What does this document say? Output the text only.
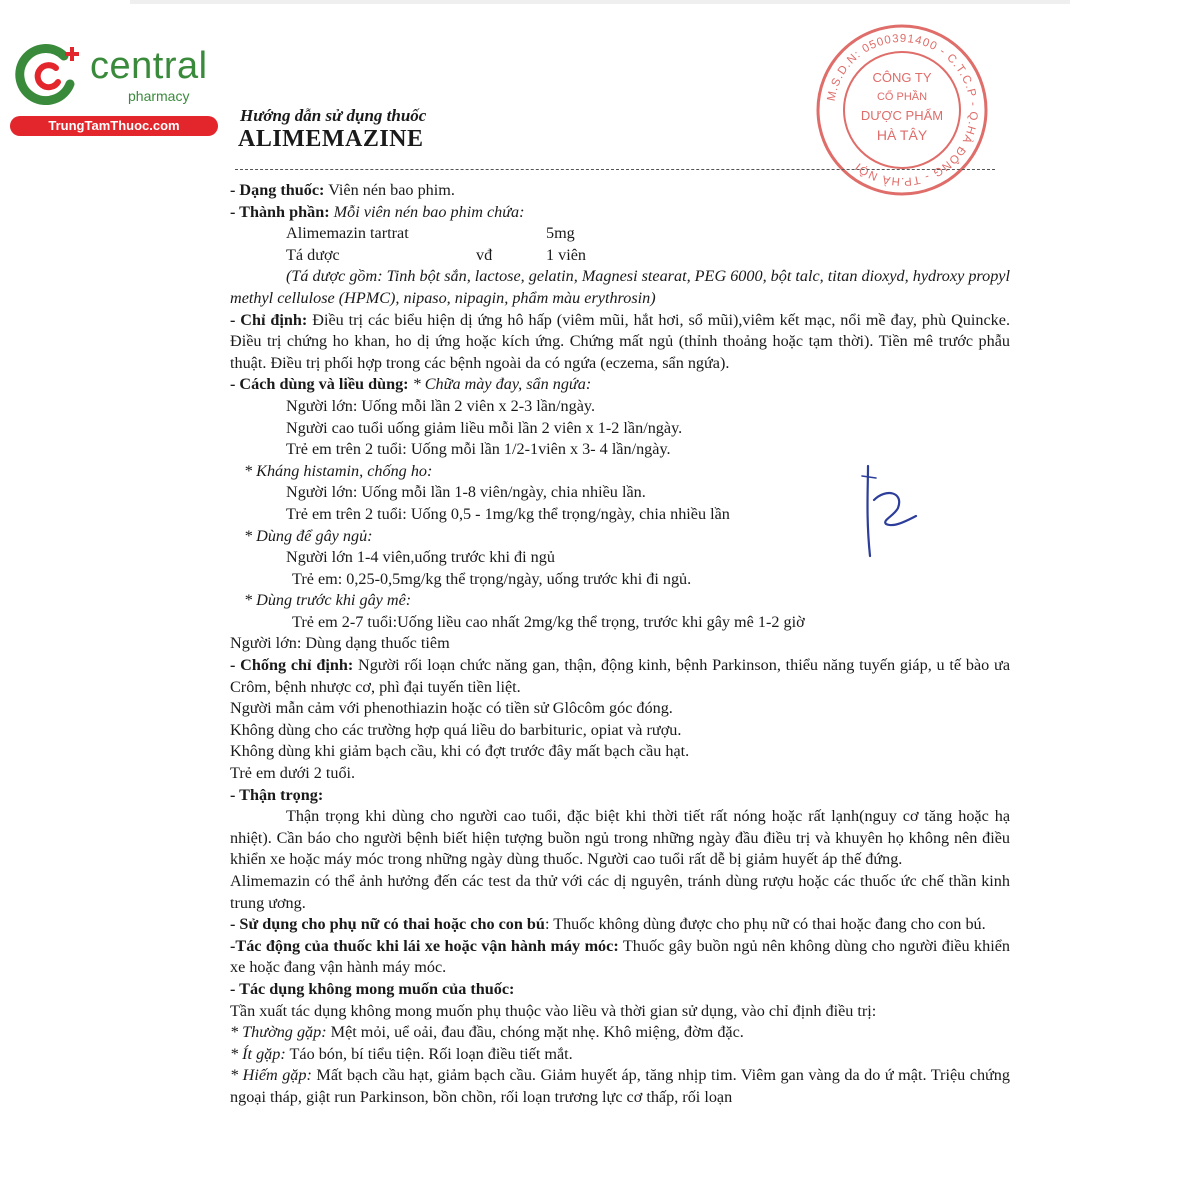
central
pharmacy
TrungTamThuoc.com
M.S.D.N: 0500391400 - C.T.C.P - Q.HÀ ĐÔNG - TP.HÀ NỘI
CÔNG TY
CỔ PHẦN
DƯỢC PHẨM
HÀ TÂY
Hướng dẫn sử dụng thuốc
ALIMEMAZINE

- Dạng thuốc: Viên nén bao phim.

- Thành phần: Mỗi viên nén bao phim chứa:

Alimemazin tartrat	5mg

Tá dược	vđ	1 viên

(Tá dược gồm: Tinh bột sắn, lactose, gelatin, Magnesi stearat, PEG 6000, bột talc, titan dioxyd, hydroxy propyl methyl cellulose (HPMC), nipaso, nipagin, phẩm màu erythrosin)

- Chỉ định: Điều trị các biểu hiện dị ứng hô hấp (viêm mũi, hắt hơi, sổ mũi),viêm kết mạc, nổi mề đay, phù Quincke. Điều trị chứng ho khan, ho dị ứng hoặc kích ứng. Chứng mất ngủ (thỉnh thoảng hoặc tạm thời). Tiền mê trước phẫu thuật. Điều trị phối hợp trong các bệnh ngoài da có ngứa (eczema, sẩn ngứa).

- Cách dùng và liều dùng: * Chữa mày đay, sẩn ngứa:

Người lớn: Uống mỗi lần 2 viên x 2-3 lần/ngày.

Người cao tuổi uống giảm liều mỗi lần 2 viên x 1-2 lần/ngày.

Trẻ em trên 2 tuổi: Uống mỗi lần 1/2-1viên x 3- 4 lần/ngày.

* Kháng histamin, chống ho:

Người lớn: Uống mỗi lần 1-8 viên/ngày, chia nhiều lần.

Trẻ em trên 2 tuổi: Uống 0,5 - 1mg/kg thể trọng/ngày, chia nhiều lần

* Dùng để gây ngủ:

Người lớn 1-4 viên,uống trước khi đi ngủ

Trẻ em: 0,25-0,5mg/kg thể trọng/ngày, uống trước khi đi ngủ.

* Dùng trước khi gây mê:

Trẻ em 2-7 tuổi:Uống liều cao nhất 2mg/kg thể trọng, trước khi gây mê 1-2 giờ

Người lớn: Dùng dạng thuốc tiêm

- Chống chỉ định: Người rối loạn chức năng gan, thận, động kinh, bệnh Parkinson, thiểu năng tuyến giáp, u tế bào ưa Crôm, bệnh nhược cơ, phì đại tuyến tiền liệt.

Người mẫn cảm với phenothiazin hoặc có tiền sử Glôcôm góc đóng.

Không dùng cho các trường hợp quá liều do barbituric, opiat và rượu.

Không dùng khi giảm bạch cầu, khi có đợt trước đây mất bạch cầu hạt.

Trẻ em dưới 2 tuổi.

- Thận trọng:

Thận trọng khi dùng cho người cao tuổi, đặc biệt khi thời tiết rất nóng hoặc rất lạnh(nguy cơ tăng hoặc hạ nhiệt). Cần báo cho người bệnh biết hiện tượng buồn ngủ trong những ngày đầu điều trị và khuyên họ không nên điều khiển xe hoặc máy móc trong những ngày dùng thuốc. Người cao tuổi rất dễ bị giảm huyết áp thế đứng.

Alimemazin có thể ảnh hưởng đến các test da thử với các dị nguyên, tránh dùng rượu hoặc các thuốc ức chế thần kinh trung ương.

- Sử dụng cho phụ nữ có thai hoặc cho con bú: Thuốc không dùng được cho phụ nữ có thai hoặc đang cho con bú.

-Tác động của thuốc khi lái xe hoặc vận hành máy móc: Thuốc gây buồn ngủ nên không dùng cho người điều khiển xe hoặc đang vận hành máy móc.

- Tác dụng không mong muốn của thuốc:

Tần xuất tác dụng không mong muốn phụ thuộc vào liều và thời gian sử dụng, vào chỉ định điều trị:

* Thường gặp: Mệt mỏi, uể oải, đau đầu, chóng mặt nhẹ. Khô miệng, đờm đặc.

* Ít gặp: Táo bón, bí tiểu tiện. Rối loạn điều tiết mắt.

* Hiếm gặp: Mất bạch cầu hạt, giảm bạch cầu. Giảm huyết áp, tăng nhịp tim. Viêm gan vàng da do ứ mật. Triệu chứng ngoại tháp, giật run Parkinson, bồn chồn, rối loạn trương lực cơ thấp, rối loạn
